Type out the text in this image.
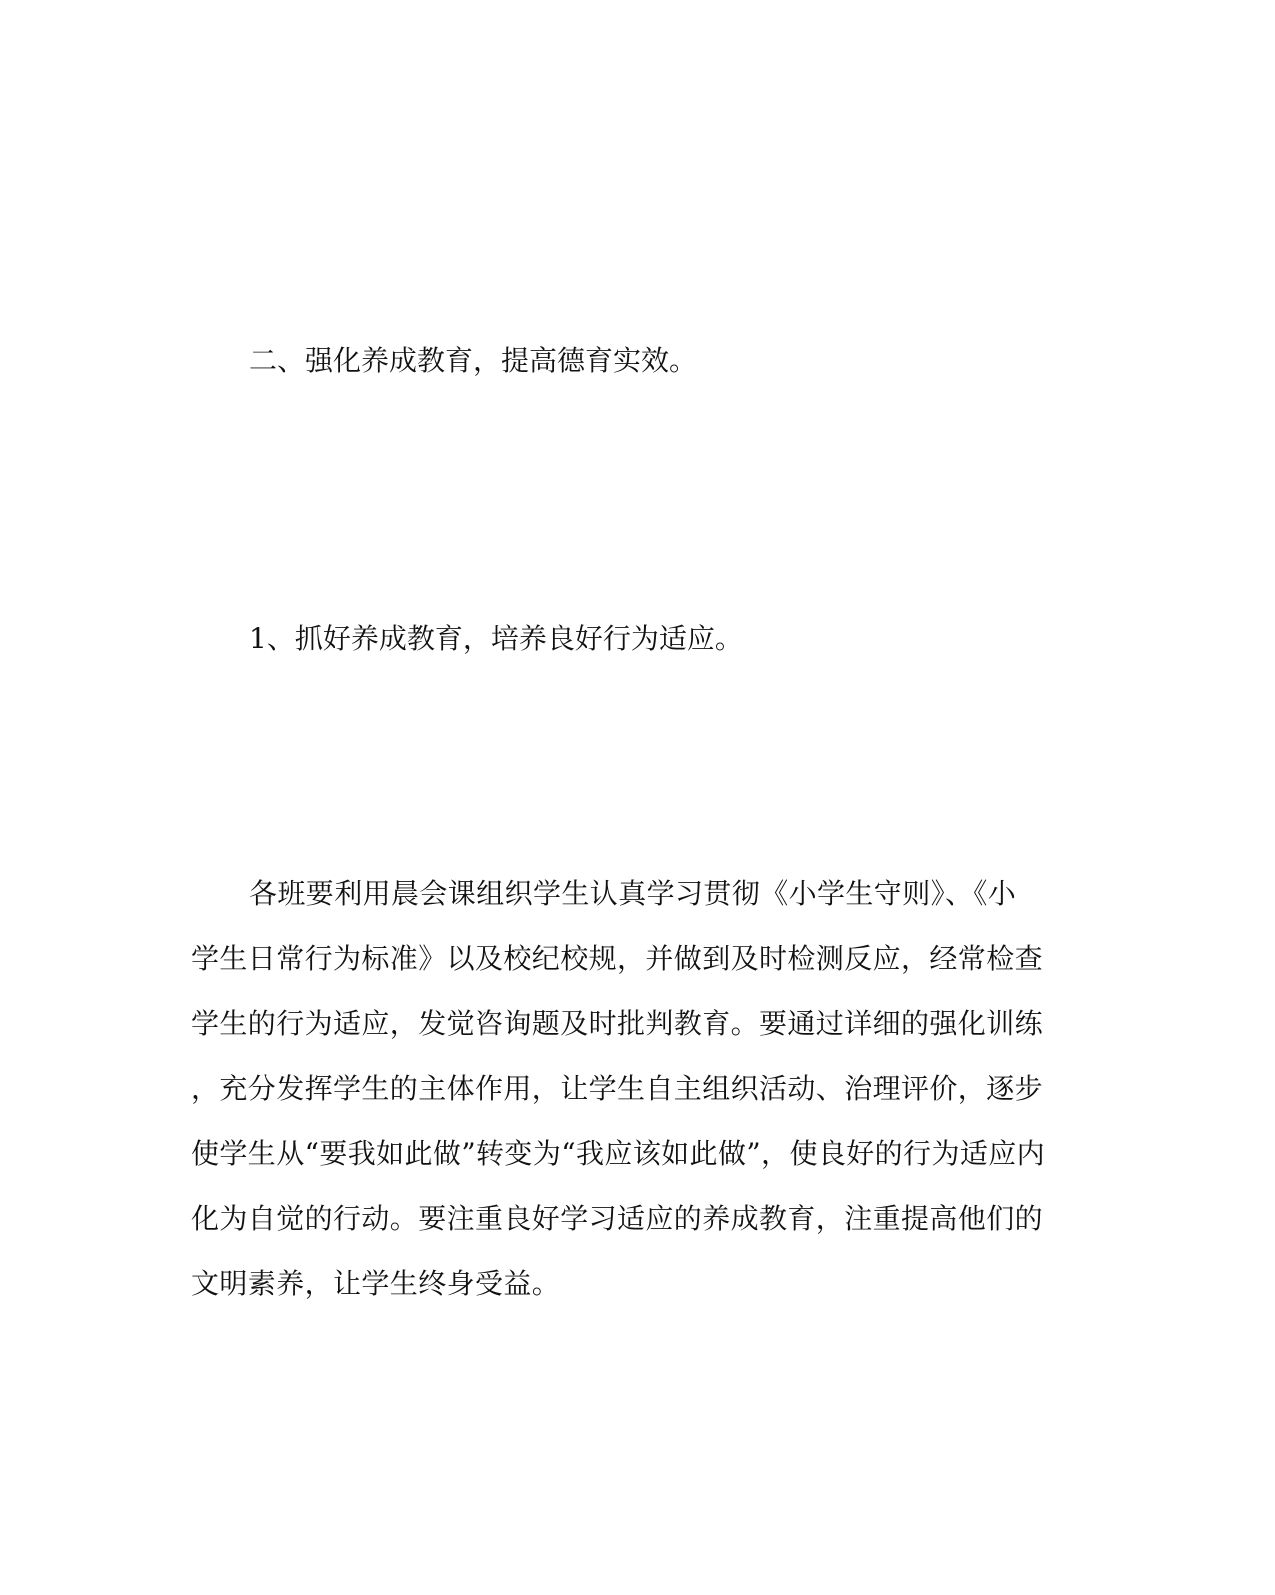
二、强化养成教育，提高德育实效。
1、抓好养成教育，培养良好行为适应。
各班要利用晨会课组织学生认真学习贯彻《小学生守则》、《小
学生日常行为标准》以及校纪校规，并做到及时检测反应，经常检查
学生的行为适应，发觉咨询题及时批判教育。要通过详细的强化训练
，充分发挥学生的主体作用，让学生自主组织活动、治理评价，逐步
使学生从“要我如此做”转变为“我应该如此做”，使良好的行为适应内
化为自觉的行动。要注重良好学习适应的养成教育，注重提高他们的
文明素养，让学生终身受益。
